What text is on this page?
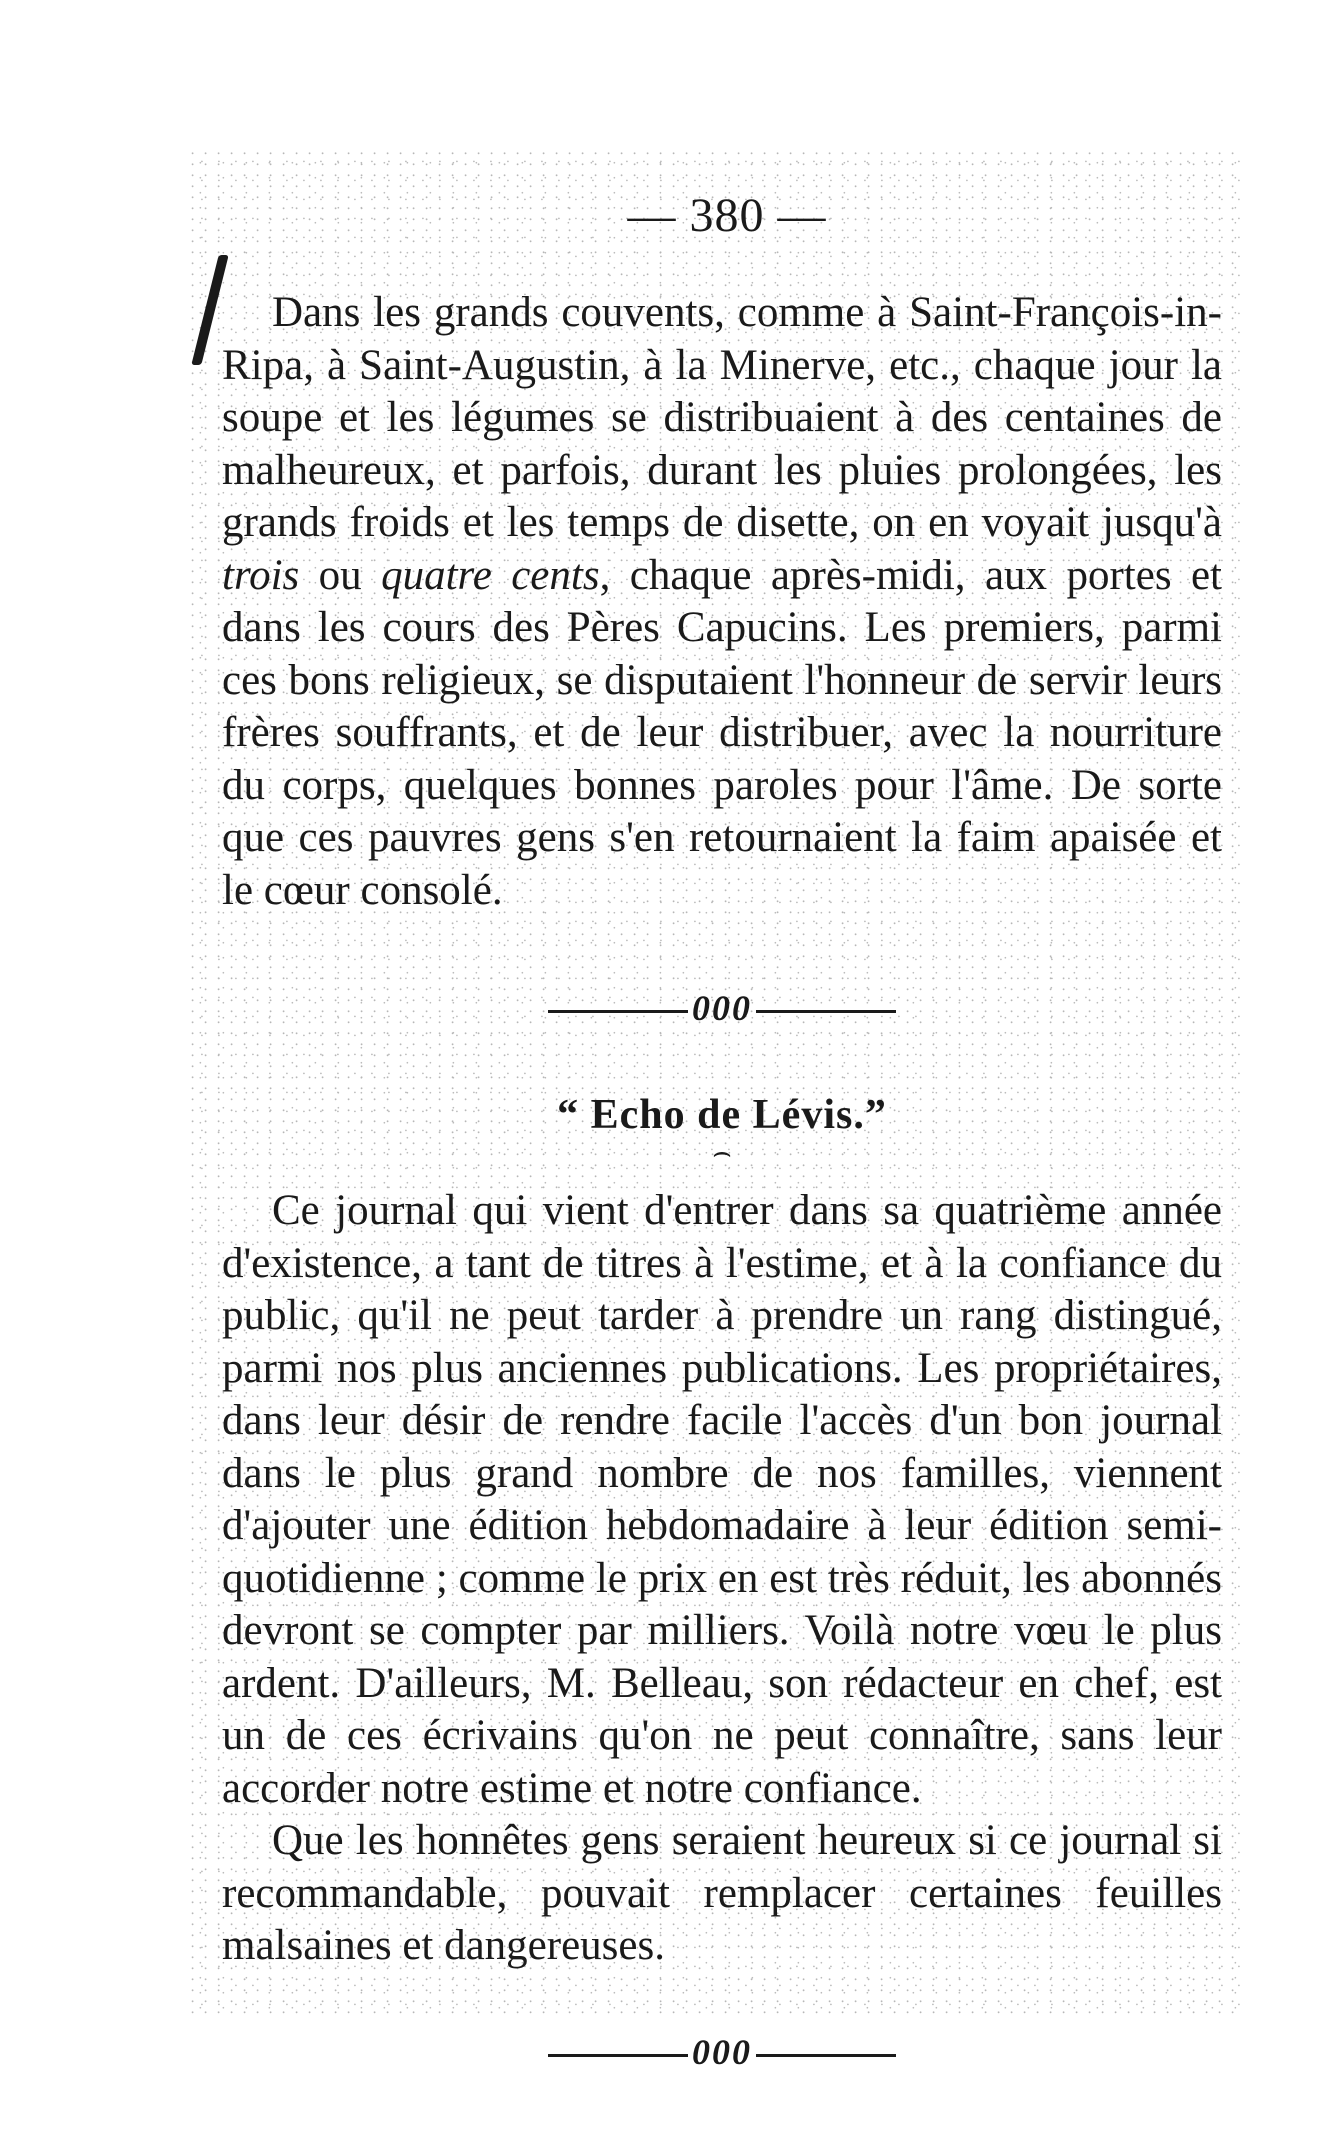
— 380 —

Dans les grands couvents, comme à Saint-François-in-Ripa, à Saint-Augustin, à la Minerve, etc., chaque jour la soupe et les légumes se distribuaient à des centaines de malheureux, et parfois, durant les pluies prolongées, les grands froids et les temps de disette, on en voyait jusqu'à trois ou quatre cents, chaque après-midi, aux portes et dans les cours des Pères Capucins. Les premiers, parmi ces bons religieux, se disputaient l'honneur de servir leurs frères souffrants, et de leur distribuer, avec la nourriture du corps, quelques bonnes paroles pour l'âme. De sorte que ces pauvres gens s'en retournaient la faim apaisée et le cœur consolé.

000
“ Echo de Lévis.”
⌢

Ce journal qui vient d'entrer dans sa quatrième année d'existence, a tant de titres à l'estime, et à la confiance du public, qu'il ne peut tarder à prendre un rang distingué, parmi nos plus anciennes publications. Les propriétaires, dans leur désir de rendre facile l'accès d'un bon journal dans le plus grand nombre de nos familles, viennent d'ajouter une édition hebdomadaire à leur édition semi-quotidienne ; comme le prix en est très réduit, les abonnés devront se compter par milliers. Voilà notre vœu le plus ardent. D'ailleurs, M. Belleau, son rédacteur en chef, est un de ces écrivains qu'on ne peut connaître, sans leur accorder notre estime et notre confiance.

Que les honnêtes gens seraient heureux si ce journal si recommandable, pouvait remplacer certaines feuilles malsaines et dangereuses.

000
